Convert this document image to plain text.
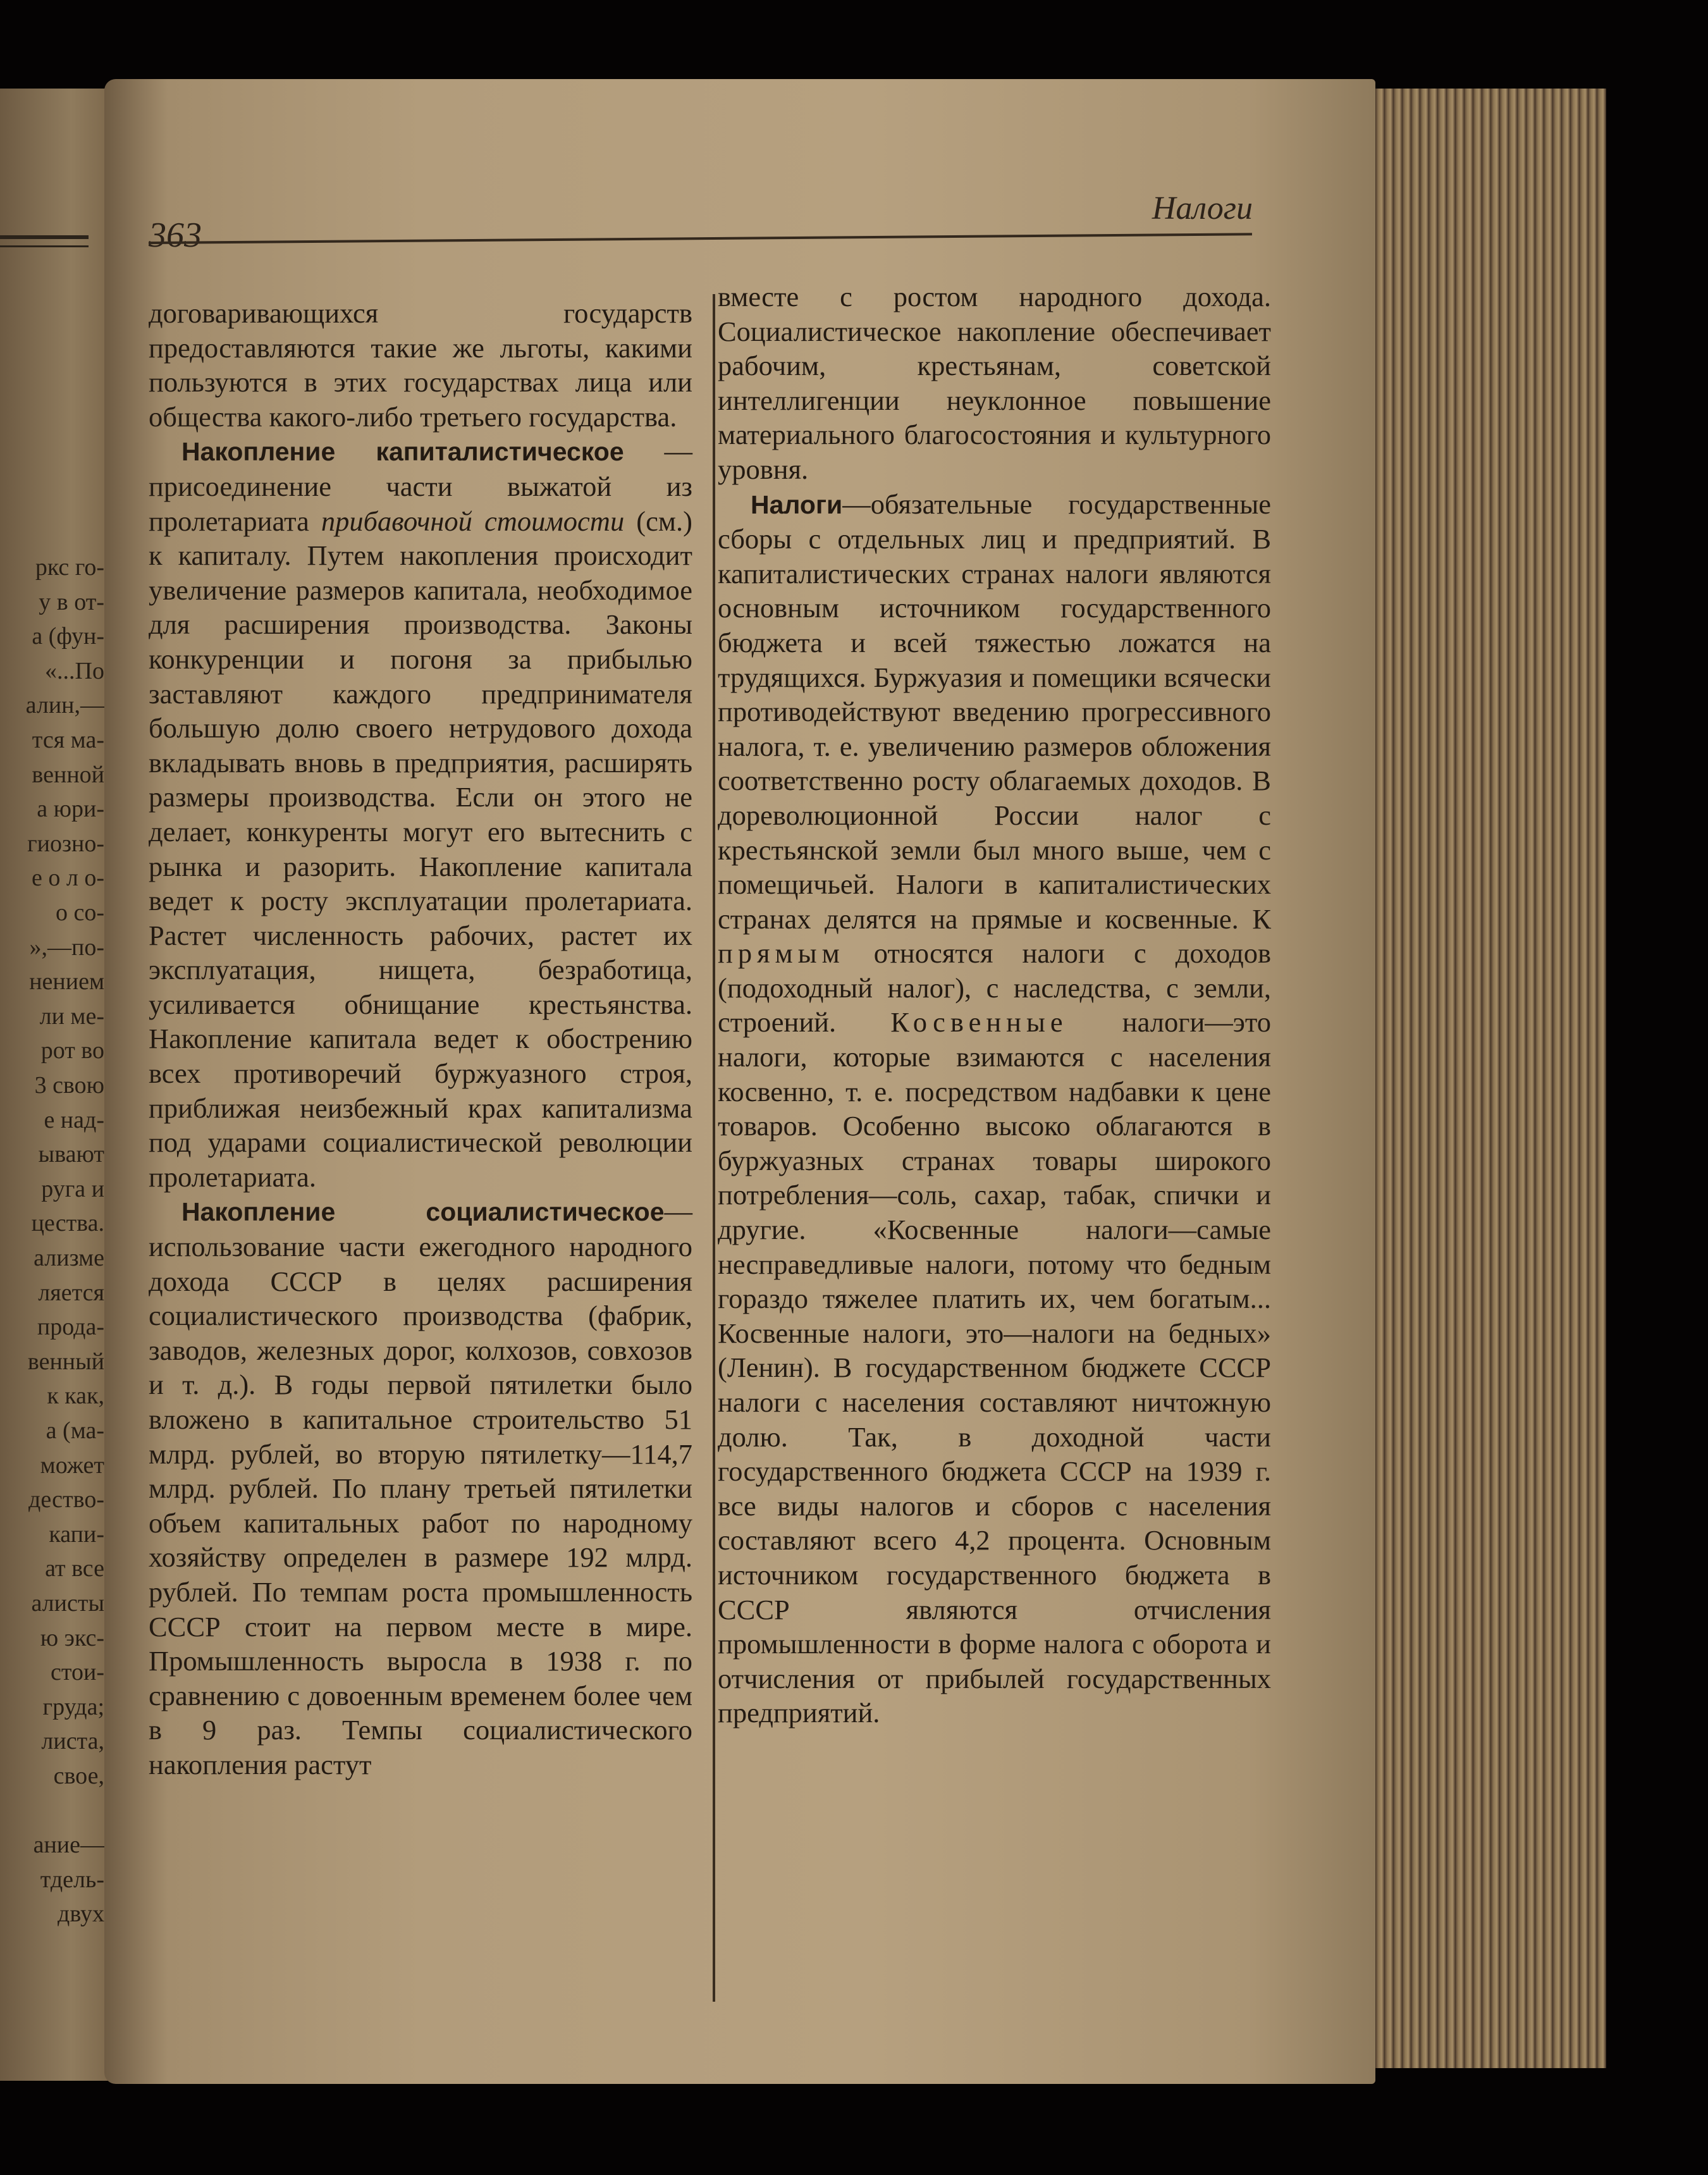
ркс го-
у в от-
а (фун-
«...По
алин,—
тся ма-
венной
а юри-
гиозно-
е о л о-
о со-
»,—по-
нением
ли ме-
рот во
3 свою
е над-
ывают
руга и
цества.
ализме
ляется
прода-
венный
к как,
а (ма-
может
дество-
капи-
ат все
алисты
ю экс-
стои-
груда;
листа,
свое,
ание—
тдель-
двух
363
Налоги

договаривающихся государств предоставляются такие же льготы, какими пользуются в этих государствах лица или общества какого-либо третьего государства.

Накопление капиталистическое — присоединение части выжатой из пролетариата прибавочной стоимости (см.) к капиталу. Путем накопления происходит увеличение размеров капитала, необходимое для расширения производства. Законы конкуренции и погоня за прибылью заставляют каждого предпринимателя большую долю своего нетрудового дохода вкладывать вновь в предприятия, расширять размеры производства. Если он этого не делает, конкуренты могут его вытеснить с рынка и разорить. Накопление капитала ведет к росту эксплуатации пролетариата. Растет численность рабочих, растет их эксплуатация, нищета, безработица, усиливается обнищание крестьянства. Накопление капитала ведет к обострению всех противоречий буржуазного строя, приближая неизбежный крах капитализма под ударами социалистической революции пролетариата.

Накопление социалистическое—использование части ежегодного народного дохода СССР в целях расширения социалистического производства (фабрик, заводов, железных дорог, колхозов, совхозов и т. д.). В годы первой пятилетки было вложено в капитальное строительство 51 млрд. рублей, во вторую пятилетку—114,7 млрд. рублей. По плану третьей пятилетки объем капитальных работ по народному хозяйству определен в размере 192 млрд. рублей. По темпам роста промышленность СССР стоит на первом месте в мире. Промышленность выросла в 1938 г. по сравнению с довоенным временем более чем в 9 раз. Темпы социалистического накопления растут

вместе с ростом народного дохода. Социалистическое накопление обеспечивает рабочим, крестьянам, советской интеллигенции неуклонное повышение материального благосостояния и культурного уровня.

Налоги—обязательные государственные сборы с отдельных лиц и предприятий. В капиталистических странах налоги являются основным источником государственного бюджета и всей тяжестью ложатся на трудящихся. Буржуазия и помещики всячески противодействуют введению прогрессивного налога, т. е. увеличению размеров обложения соответственно росту облагаемых доходов. В дореволюционной России налог с крестьянской земли был много выше, чем с помещичьей. Налоги в капиталистических странах делятся на прямые и косвенные. К прямым относятся налоги с доходов (подоходный налог), с наследства, с земли, строений. Косвенные налоги—это налоги, которые взимаются с населения косвенно, т. е. посредством надбавки к цене товаров. Особенно высоко облагаются в буржуазных странах товары широкого потребления—соль, сахар, табак, спички и другие. «Косвенные налоги—самые несправедливые налоги, потому что бедным гораздо тяжелее платить их, чем богатым... Косвенные налоги, это—налоги на бедных» (Ленин). В государственном бюджете СССР налоги с населения составляют ничтожную долю. Так, в доходной части государственного бюджета СССР на 1939 г. все виды налогов и сборов с населения составляют всего 4,2 процента. Основным источником государственного бюджета в СССР являются отчисления промышленности в форме налога с оборота и отчисления от прибылей государственных предприятий.
